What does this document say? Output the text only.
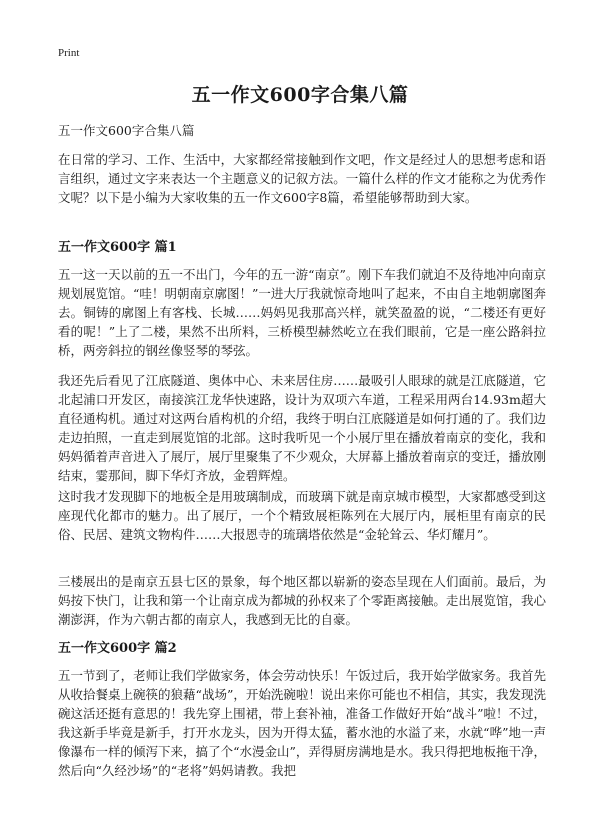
Print
五一作文600字合集八篇

五一作文600字合集八篇

在日常的学习、工作、生活中，大家都经常接触到作文吧，作文是经过人的思想考虑和语言组织，通过文字来表达一个主题意义的记叙方法。一篇什么样的作文才能称之为优秀作文呢？以下是小编为大家收集的五一作文600字8篇，希望能够帮助到大家。

五一作文600字 篇1

五一这一天以前的五一不出门，今年的五一游“南京”。刚下车我们就迫不及待地冲向南京规划展览馆。“哇！明朝南京廓图！”一进大厅我就惊奇地叫了起来，不由自主地朝廓图奔去。铜铸的廓图上有客栈、长城……妈妈见我那高兴样，就笑盈盈的说，“二楼还有更好看的呢！”上了二楼，果然不出所料，三桥模型赫然屹立在我们眼前，它是一座公路斜拉桥，两旁斜拉的钢丝像竖琴的琴弦。

我还先后看见了江底隧道、奥体中心、未来居住房……最吸引人眼球的就是江底隧道，它北起浦口开发区，南接滨江龙华快速路，设计为双项六车道，工程采用两台14.93m超大直径通构机。通过对这两台盾构机的介绍，我终于明白江底隧道是如何打通的了。我们边走边拍照，一直走到展览馆的北部。这时我听见一个小展厅里在播放着南京的变化，我和妈妈循着声音进入了展厅，展厅里聚集了不少观众，大屏幕上播放着南京的变迁，播放刚结束，霎那间，脚下华灯齐放，金碧辉煌。

这时我才发现脚下的地板全是用玻璃制成，而玻璃下就是南京城市模型，大家都感受到这座现代化都市的魅力。出了展厅，一个个精致展柜陈列在大展厅内，展柜里有南京的民俗、民居、建筑文物构件……大报恩寺的琉璃塔依然是“金轮耸云、华灯耀月”。

三楼展出的是南京五县七区的景象，每个地区都以崭新的姿态呈现在人们面前。最后，为妈按下快门，让我和第一个让南京成为都城的孙权来了个零距离接触。走出展览馆，我心潮澎湃，作为六朝古都的南京人，我感到无比的自豪。

五一作文600字 篇2

五一节到了，老师让我们学做家务，体会劳动快乐！午饭过后，我开始学做家务。我首先从收拾餐桌上碗筷的狼藉“战场”，开始洗碗啦！说出来你可能也不相信，其实，我发现洗碗这活还挺有意思的！我先穿上围裙，带上套补袖，准备工作做好开始“战斗”啦！不过，我这新手毕竟是新手，打开水龙头，因为开得太猛，蓄水池的水溢了来，水就“哗”地一声像瀑布一样的倾泻下来，搞了个“水漫金山”，弄得厨房满地是水。我只得把地板拖干净，然后向“久经沙场”的“老将”妈妈请教。我把
